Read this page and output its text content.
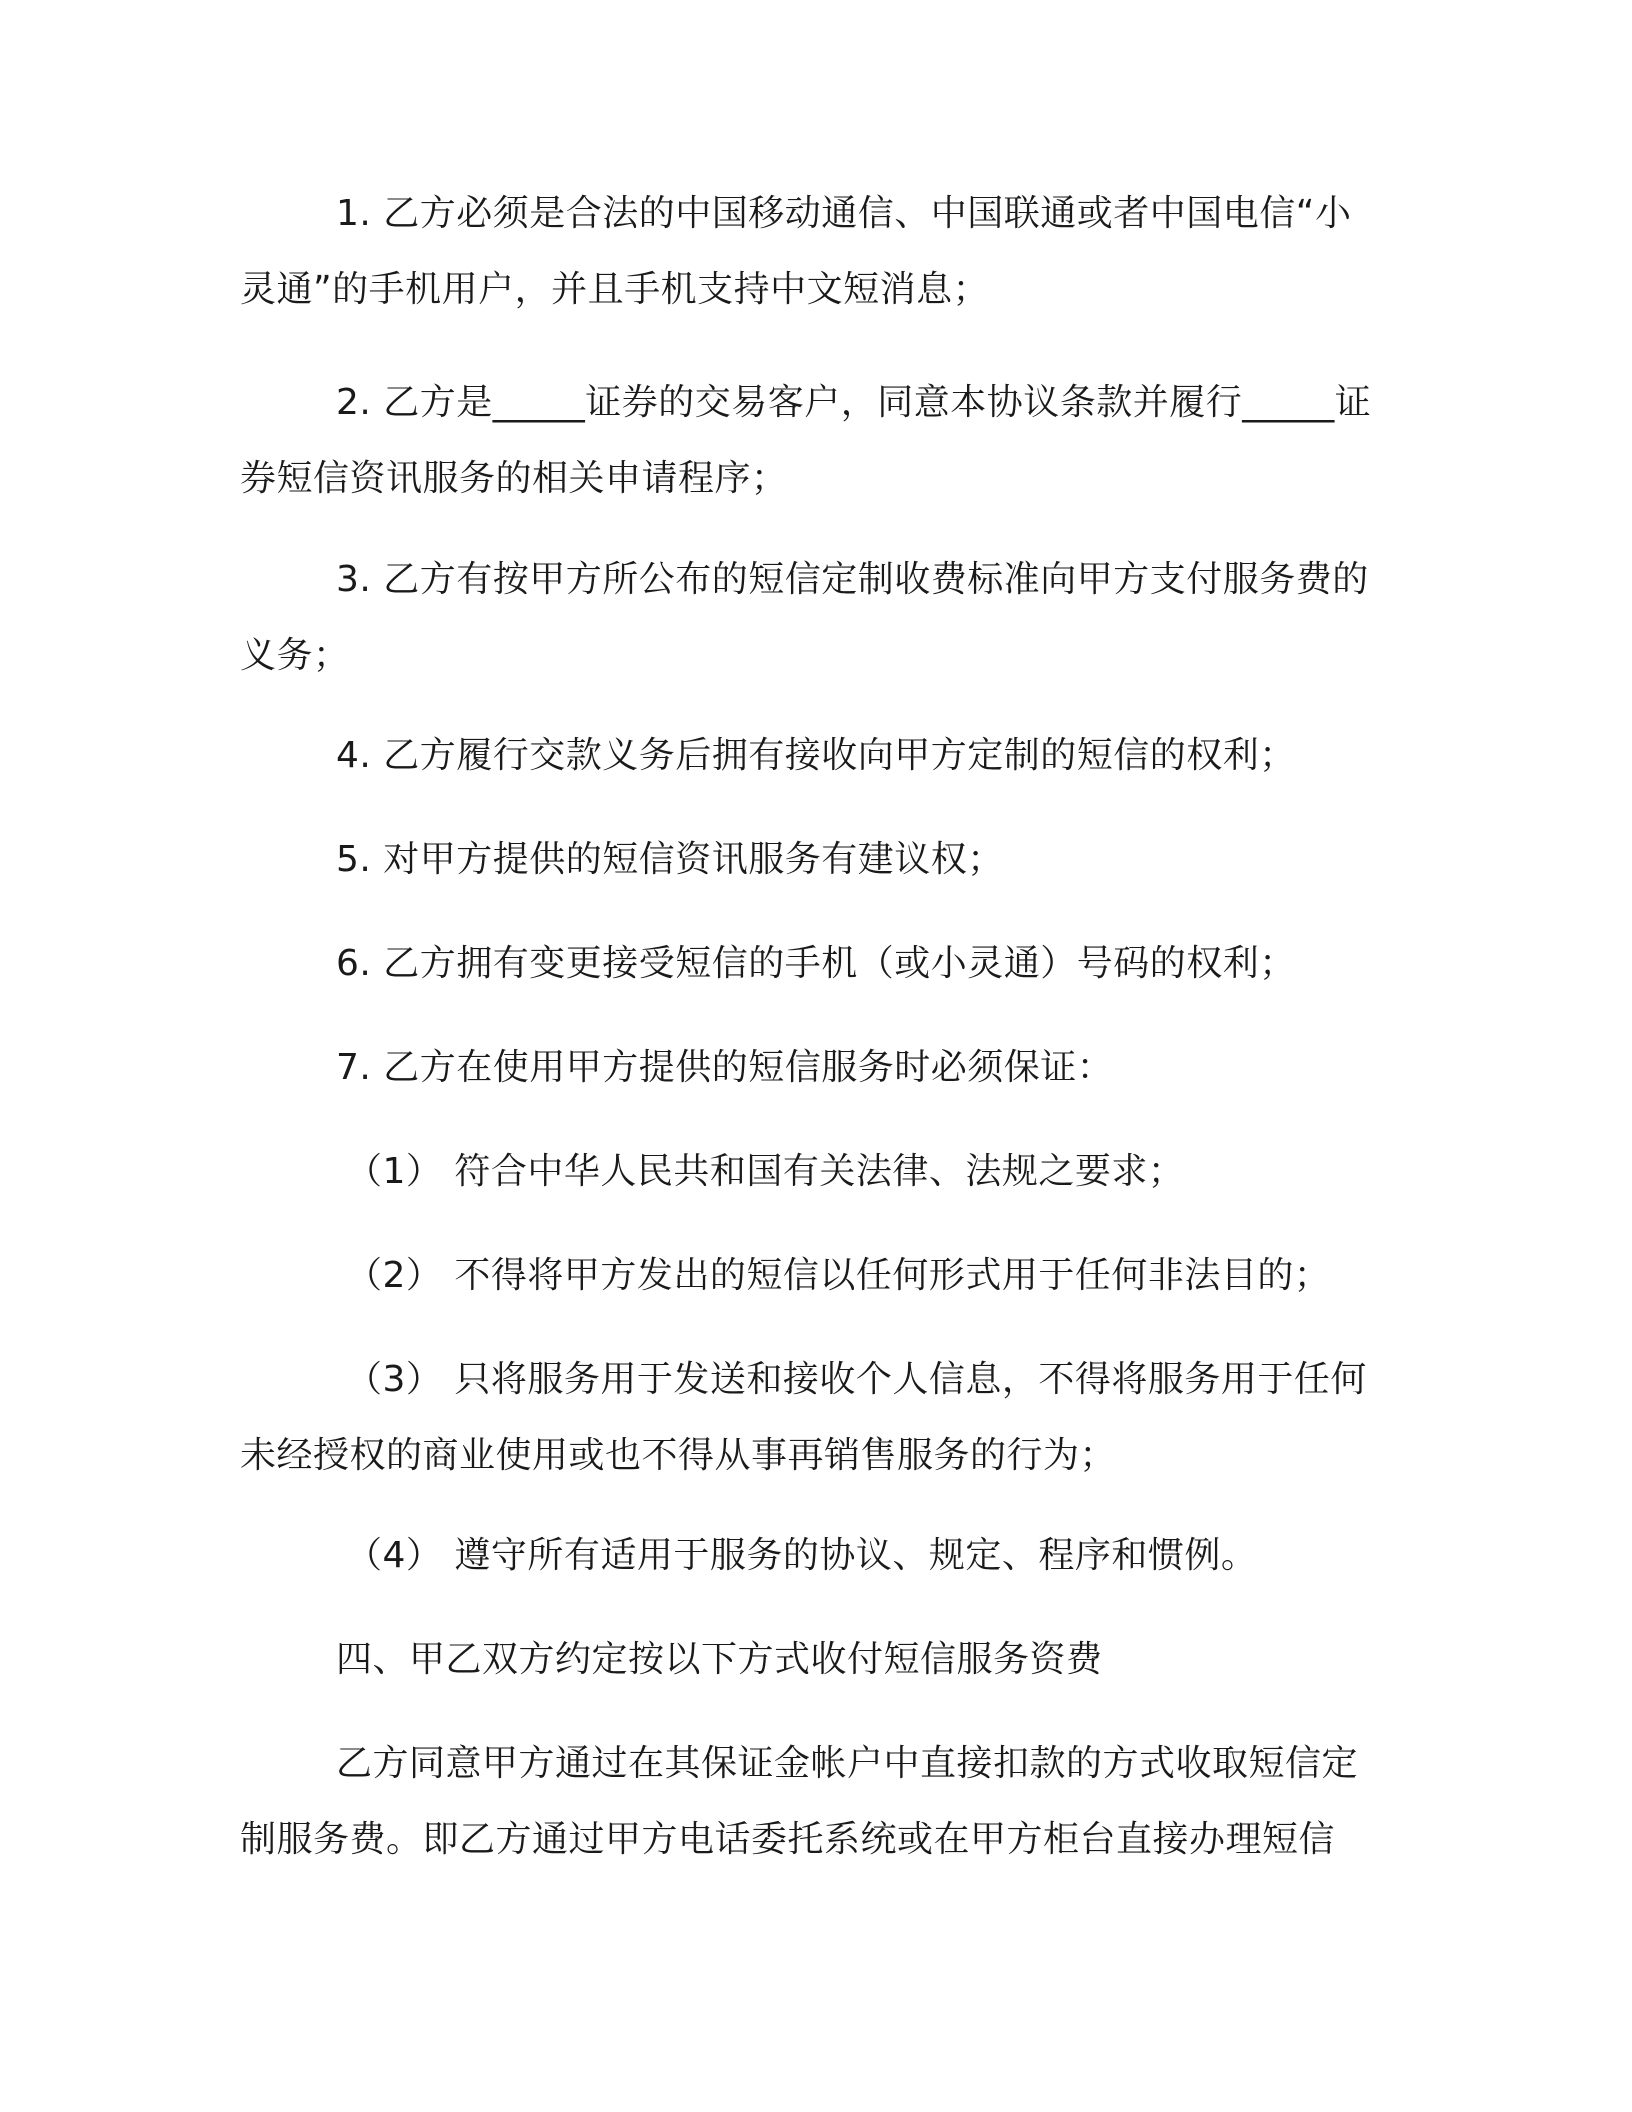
1. 乙方必须是合法的中国移动通信、中国联通或者中国电信“小灵通”的手机用户，并且手机支持中文短消息；

2. 乙方是_____证券的交易客户，同意本协议条款并履行_____证券短信资讯服务的相关申请程序；

3. 乙方有按甲方所公布的短信定制收费标准向甲方支付服务费的义务；

4. 乙方履行交款义务后拥有接收向甲方定制的短信的权利；

5. 对甲方提供的短信资讯服务有建议权；

6. 乙方拥有变更接受短信的手机（或小灵通）号码的权利；

7. 乙方在使用甲方提供的短信服务时必须保证：

（1） 符合中华人民共和国有关法律、法规之要求；

（2） 不得将甲方发出的短信以任何形式用于任何非法目的；

（3） 只将服务用于发送和接收个人信息，不得将服务用于任何未经授权的商业使用或也不得从事再销售服务的行为；

（4） 遵守所有适用于服务的协议、规定、程序和惯例。

四、甲乙双方约定按以下方式收付短信服务资费

乙方同意甲方通过在其保证金帐户中直接扣款的方式收取短信定制服务费。即乙方通过甲方电话委托系统或在甲方柜台直接办理短信
